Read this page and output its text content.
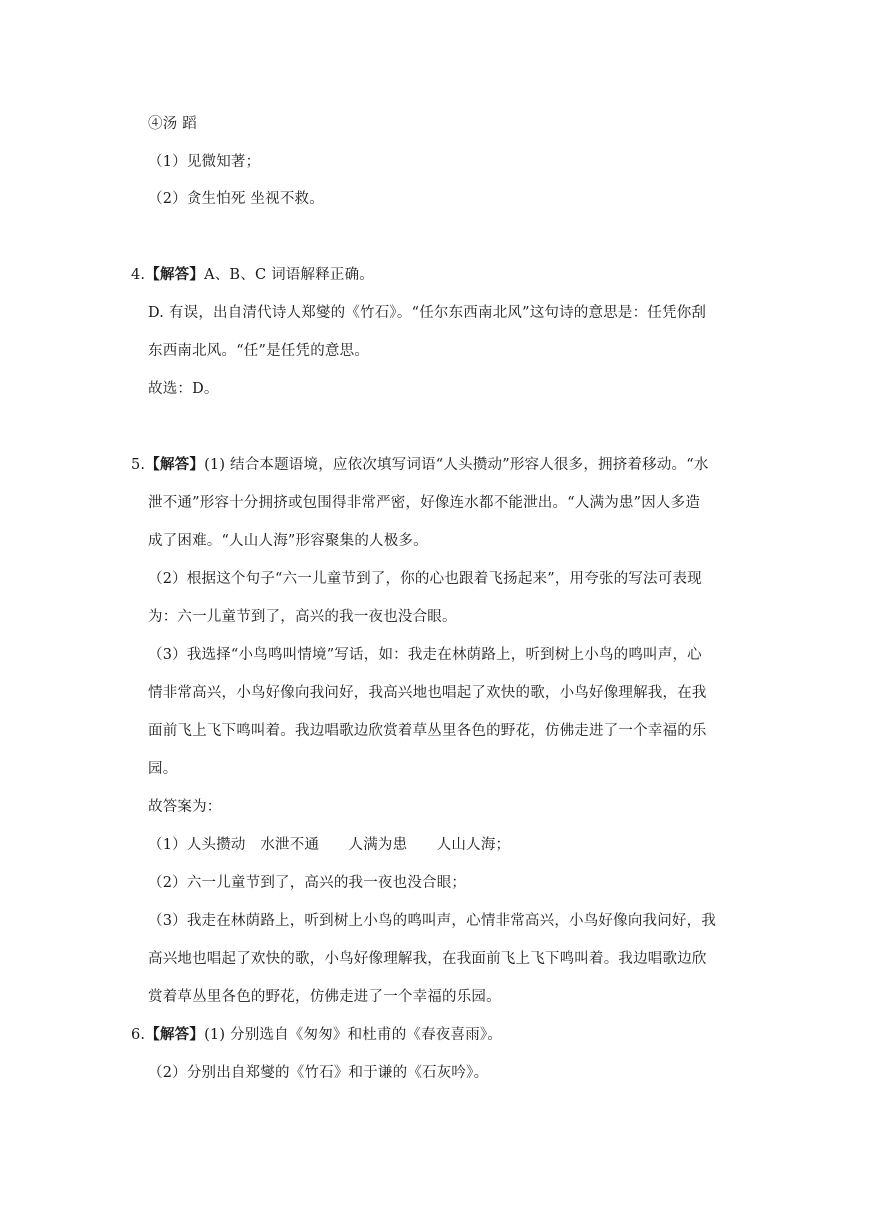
④汤 蹈
（1）见微知著；
（2）贪生怕死 坐视不救。
4.【解答】A、B、C 词语解释正确。
D. 有误，出自清代诗人郑燮的《竹石》。“任尔东西南北风”这句诗的意思是：任凭你刮
东西南北风。“任”是任凭的意思。
故选：D。
5.【解答】(1) 结合本题语境，应依次填写词语“人头攒动”形容人很多，拥挤着移动。“水
泄不通”形容十分拥挤或包围得非常严密，好像连水都不能泄出。“人满为患”因人多造
成了困难。“人山人海”形容聚集的人极多。
（2）根据这个句子“六一儿童节到了，你的心也跟着飞扬起来”，用夸张的写法可表现
为：六一儿童节到了，高兴的我一夜也没合眼。
（3）我选择“小鸟鸣叫情境”写话，如：我走在林荫路上，听到树上小鸟的鸣叫声，心
情非常高兴，小鸟好像向我问好，我高兴地也唱起了欢快的歌，小鸟好像理解我，在我
面前飞上飞下鸣叫着。我边唱歌边欣赏着草丛里各色的野花，仿佛走进了一个幸福的乐
园。
故答案为：
（1）人头攒动　水泄不通　　人满为患　　人山人海；
（2）六一儿童节到了，高兴的我一夜也没合眼；
（3）我走在林荫路上，听到树上小鸟的鸣叫声，心情非常高兴，小鸟好像向我问好，我
高兴地也唱起了欢快的歌，小鸟好像理解我，在我面前飞上飞下鸣叫着。我边唱歌边欣
赏着草丛里各色的野花，仿佛走进了一个幸福的乐园。
6.【解答】(1) 分别选自《匆匆》和杜甫的《春夜喜雨》。
（2）分别出自郑燮的《竹石》和于谦的《石灰吟》。
